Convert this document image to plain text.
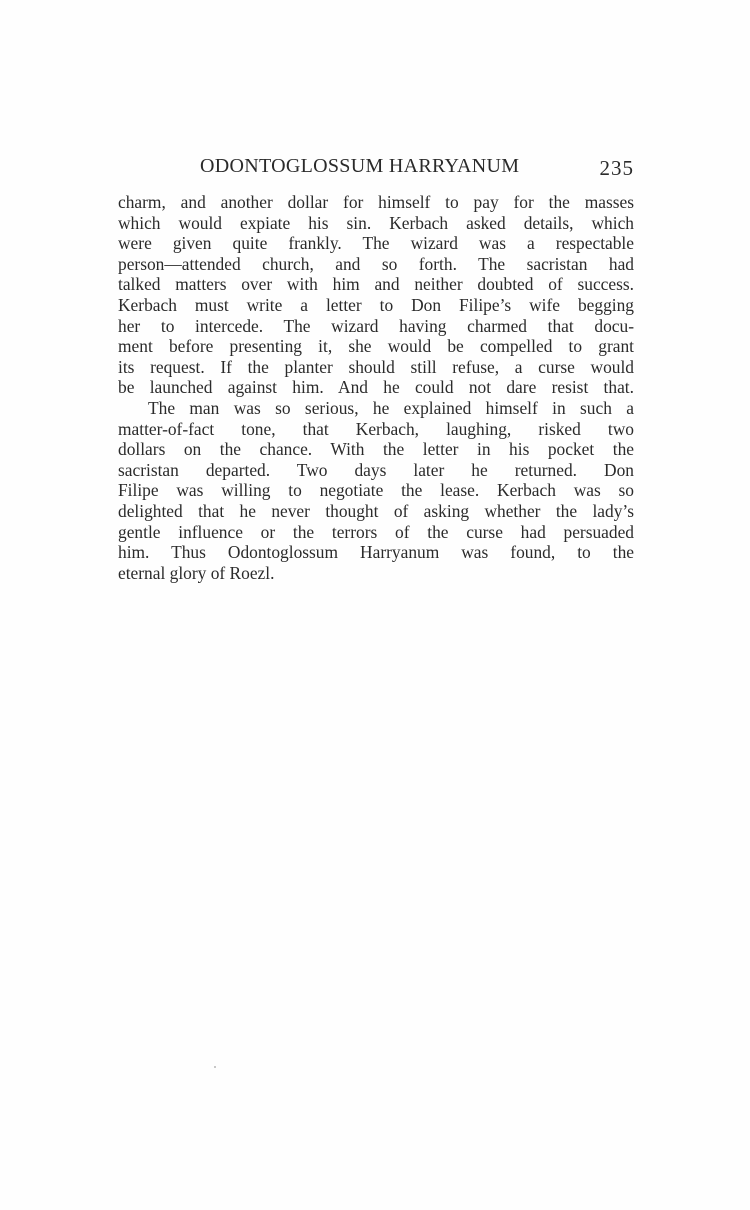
ODONTOGLOSSUM HARRYANUM	235
charm, and another dollar for himself to pay for the masses
which would expiate his sin. Kerbach asked details, which
were given quite frankly. The wizard was a respectable
person—attended church, and so forth. The sacristan had
talked matters over with him and neither doubted of success.
Kerbach must write a letter to Don Filipe’s wife begging
her to intercede. The wizard having charmed that docu-
ment before presenting it, she would be compelled to grant
its request. If the planter should still refuse, a curse would
be launched against him. And he could not dare resist that.
The man was so serious, he explained himself in such a
matter-of-fact tone, that Kerbach, laughing, risked two
dollars on the chance. With the letter in his pocket the
sacristan departed. Two days later he returned. Don
Filipe was willing to negotiate the lease. Kerbach was so
delighted that he never thought of asking whether the lady’s
gentle influence or the terrors of the curse had persuaded
him. Thus Odontoglossum Harryanum was found, to the
eternal glory of Roezl.
